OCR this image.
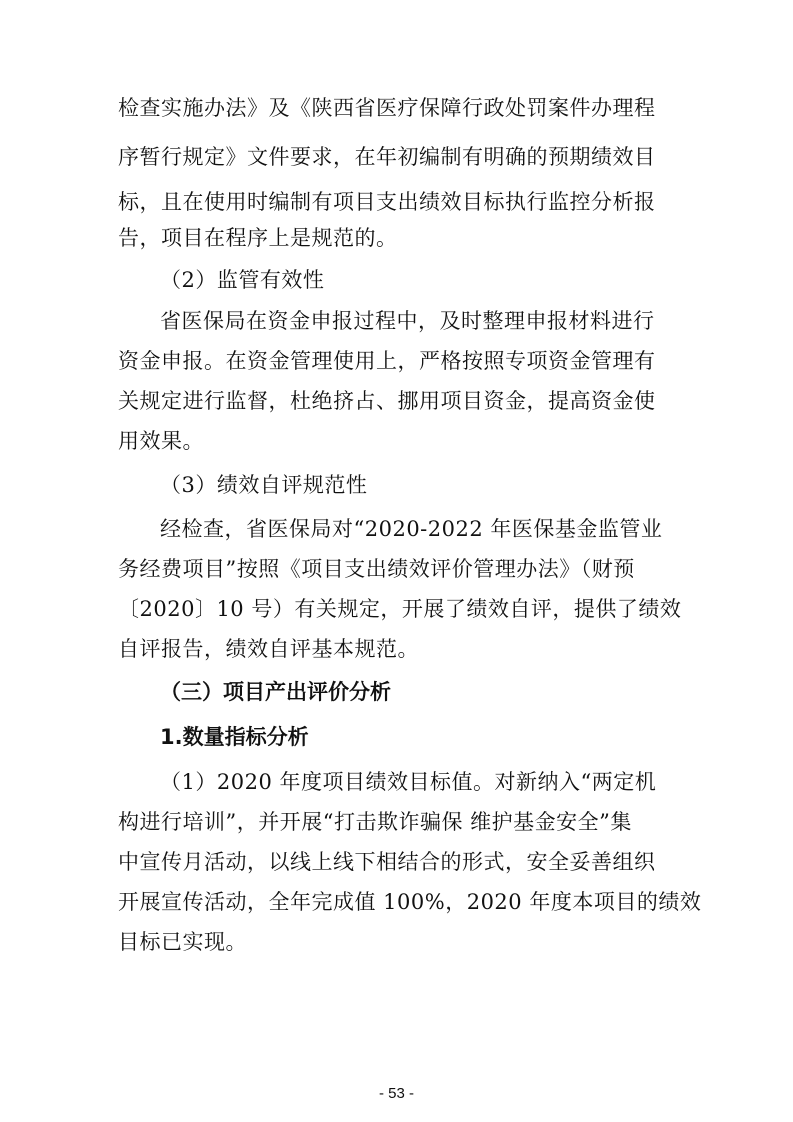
检查实施办法》及《陕西省医疗保障行政处罚案件办理程
序暂行规定》文件要求，在年初编制有明确的预期绩效目
标，且在使用时编制有项目支出绩效目标执行监控分析报
告，项目在程序上是规范的。
（2）监管有效性
省医保局在资金申报过程中，及时整理申报材料进行
资金申报。在资金管理使用上，严格按照专项资金管理有
关规定进行监督，杜绝挤占、挪用项目资金，提高资金使
用效果。
（3）绩效自评规范性
经检查，省医保局对“2020-2022 年医保基金监管业
务经费项目”按照《项目支出绩效评价管理办法》（财预
〔2020〕10 号）有关规定，开展了绩效自评，提供了绩效
自评报告，绩效自评基本规范。
（三）项目产出评价分析
1.数量指标分析
（1）2020 年度项目绩效目标值。对新纳入“两定机
构进行培训”，并开展“打击欺诈骗保 维护基金安全”集
中宣传月活动，以线上线下相结合的形式，安全妥善组织
开展宣传活动，全年完成值 100%，2020 年度本项目的绩效
目标已实现。
- 53 -
